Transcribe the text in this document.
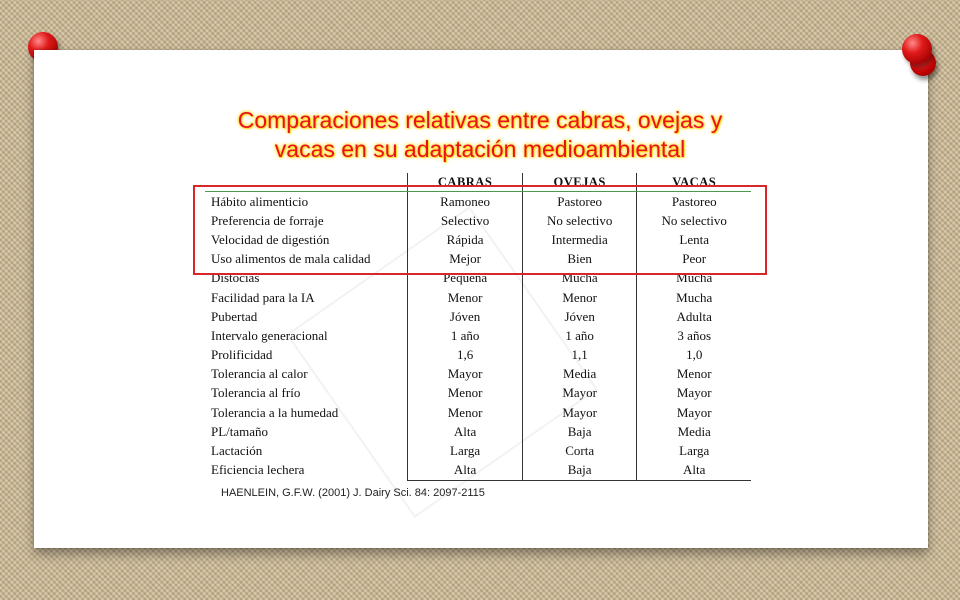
Comparaciones relativas entre cabras, ovejas y
vacas en su adaptación medioambiental
	CABRAS	OVEJAS	VACAS
Hábito alimenticio	Ramoneo	Pastoreo	Pastoreo
Preferencia de forraje	Selectivo	No selectivo	No selectivo
Velocidad de digestión	Rápida	Intermedia	Lenta
Uso alimentos de mala calidad	Mejor	Bien	Peor
Distocias	Pequeña	Mucha	Mucha
Facilidad para la IA	Menor	Menor	Mucha
Pubertad	Jóven	Jóven	Adulta
Intervalo generacional	1 año	1 año	3 años
Prolificidad	1,6	1,1	1,0
Tolerancia al calor	Mayor	Media	Menor
Tolerancia al frío	Menor	Mayor	Mayor
Tolerancia a la humedad	Menor	Mayor	Mayor
PL/tamaño	Alta	Baja	Media
Lactación	Larga	Corta	Larga
Eficiencia lechera	Alta	Baja	Alta
HAENLEIN, G.F.W. (2001) J. Dairy Sci. 84: 2097-2115
